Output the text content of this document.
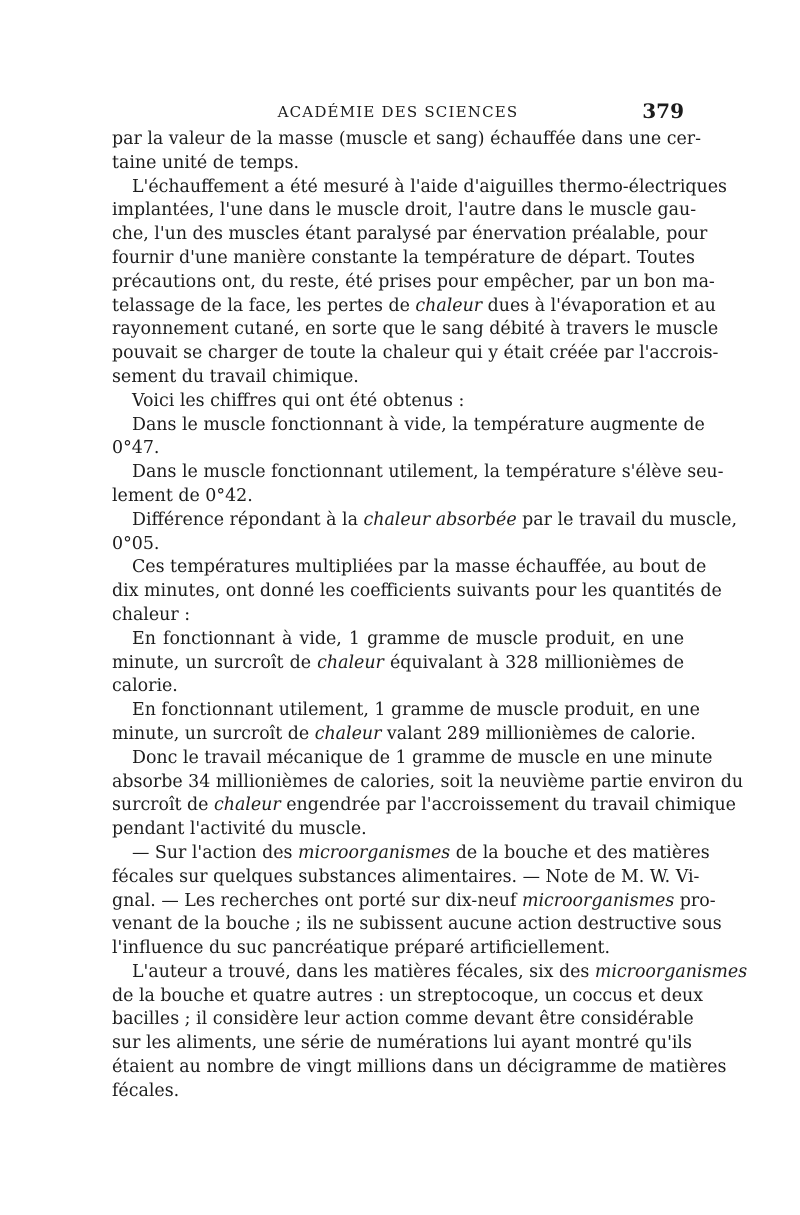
ACADÉMIE DES SCIENCES	379

par la valeur de la masse (muscle et sang) échauffée dans une cer-
taine unité de temps.

L'échauffement a été mesuré à l'aide d'aiguilles thermo-électriques
implantées, l'une dans le muscle droit, l'autre dans le muscle gau-
che, l'un des muscles étant paralysé par énervation préalable, pour
fournir d'une manière constante la température de départ. Toutes
précautions ont, du reste, été prises pour empêcher, par un bon ma-
telassage de la face, les pertes de chaleur dues à l'évaporation et au
rayonnement cutané, en sorte que le sang débité à travers le muscle
pouvait se charger de toute la chaleur qui y était créée par l'accrois-
sement du travail chimique.

Voici les chiffres qui ont été obtenus :

Dans le muscle fonctionnant à vide, la température augmente de
0°47.

Dans le muscle fonctionnant utilement, la température s'élève seu-
lement de 0°42.

Différence répondant à la chaleur absorbée par le travail du muscle,
0°05.

Ces températures multipliées par la masse échauffée, au bout de
dix minutes, ont donné les coefficients suivants pour les quantités de
chaleur :

En fonctionnant à vide, 1 gramme de muscle produit, en une
minute, un surcroît de chaleur équivalant à 328 millionièmes de
calorie.

En fonctionnant utilement, 1 gramme de muscle produit, en une
minute, un surcroît de chaleur valant 289 millionièmes de calorie.

Donc le travail mécanique de 1 gramme de muscle en une minute
absorbe 34 millionièmes de calories, soit la neuvième partie environ du
surcroît de chaleur engendrée par l'accroissement du travail chimique
pendant l'activité du muscle.

— Sur l'action des microorganismes de la bouche et des matières
fécales sur quelques substances alimentaires. — Note de M. W. Vi-
gnal. — Les recherches ont porté sur dix-neuf microorganismes pro-
venant de la bouche ; ils ne subissent aucune action destructive sous
l'influence du suc pancréatique préparé artificiellement.

L'auteur a trouvé, dans les matières fécales, six des microorganismes
de la bouche et quatre autres : un streptocoque, un coccus et deux
bacilles ; il considère leur action comme devant être considérable
sur les aliments, une série de numérations lui ayant montré qu'ils
étaient au nombre de vingt millions dans un décigramme de matières
fécales.
